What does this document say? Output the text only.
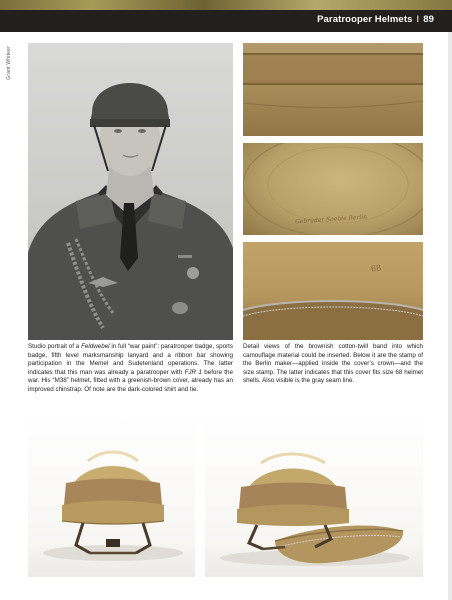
Paratrooper Helmets I 89
Grant Whiteer
Gebrüder Soeble Berlin
68
Studio portrait of a Feldwebel in full “war paint”: paratrooper badge, sports badge, fifth level marksmanship lanyard and a ribbon bar showing participation in the Memel and Sudetenland operations. The latter indicates that this man was already a paratrooper with FJR 1 before the war. His “M38” helmet, fitted with a greenish-brown cover, already has an improved chinstrap. Of note are the dark-colored shirt and tie.
Detail views of the brownish cotton-twill band into which camouflage material could be inserted. Below it are the stamp of the Berlin maker—applied inside the cover’s crown—and the size stamp. The latter indicates that this cover fits size 68 helmet shells. Also visible is the gray seam line.
